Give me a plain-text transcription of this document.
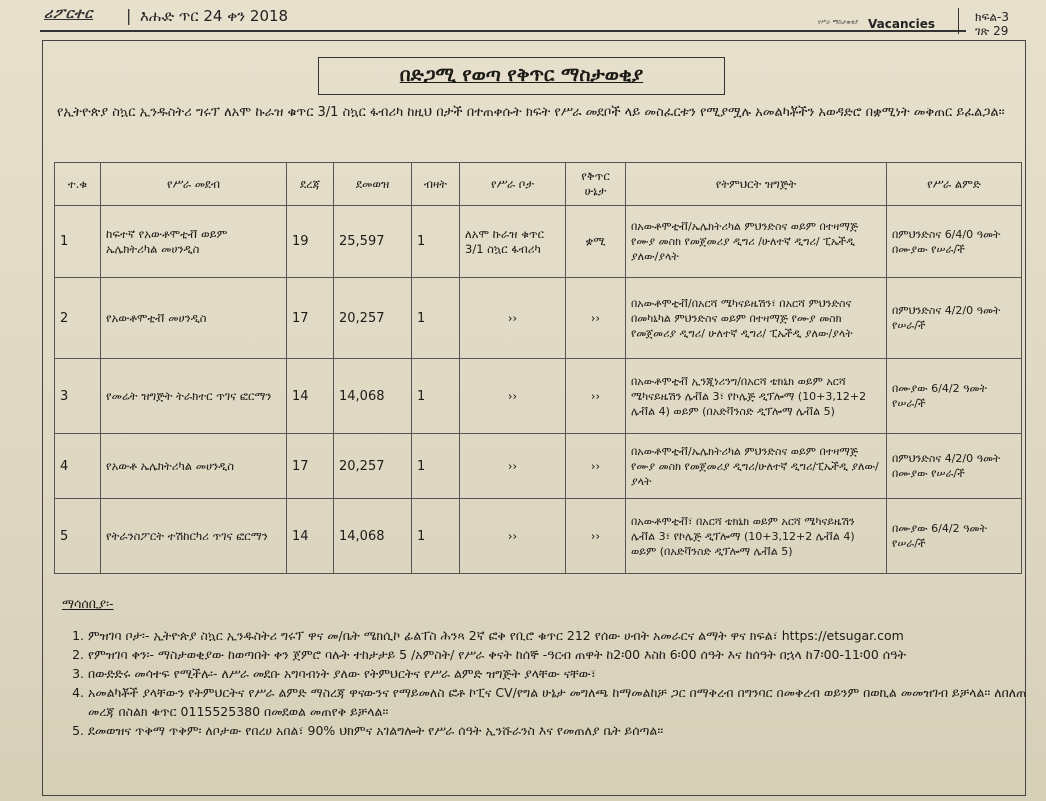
ሪፖርተር | እሑድ ጥር 24 ቀን 2018	የሥራ ማስታወቂያ Vacancies	ክፍል-3
ገጽ 29
በድጋሚ የወጣ የቅጥር ማስታወቂያ
የኢትዮጵያ ስኳር ኢንዱስትሪ ግሩፕ ለአሞ ኩራዝ ቁጥር 3/1 ስኳር ፋብሪካ ከዚህ በታች በተጠቀሱት ክፍት የሥራ መደቦች ላይ መስፈርቱን የሚያሟሉ አመልካቾችን አወዳድሮ በቋሚነት መቅጠር ይፈልጋል፡፡
ተ.ቁ	የሥራ መደብ	ደረጃ	ደመወዝ	ብዛት	የሥራ ቦታ	የቅጥር ሁኔታ	የትምህርት ዝግጅት	የሥራ ልምድ
1	ከፍተኛ የአውቶሞቲቭ ወይም ኤሌክትሪካል መሀንዲስ	19	25,597	1	ለአሞ ኩራዝ ቁጥር 3/1 ስኳር ፋብሪካ	ቋሚ	በአውቶሞቲቭ/ኤሌክትሪካል ምህንድስና ወይም በተዛማጅ የሙያ መስክ የመጀመሪያ ዲግሪ /ሁለተኛ ዲግሪ/ ፒኤችዲ ያለው/ያላት	በምህንድስና 6/4/0 ዓመት በሙያው የሠራ/ች
2	የአውቶሞቲቭ መሀንዲስ	17	20,257	1	››	››	በአውቶሞቲቭ/በአርሻ ሜካናይዜሽን፣ በአርሻ ምህንድስና በመካኒካል ምህንድስና ወይም በተዛማጅ የሙያ መስክ የመጀመሪያ ዲግሪ/ ሁለተኛ ዲግሪ/ ፒኤችዲ ያለው/ያላት	በምህንድስና 4/2/0 ዓመት የሠራ/ች
3	የመሬት ዝግጅት ትራክተር ጥገና ፎርማን	14	14,068	1	››	››	በአውቶሞቲቭ ኢንጂነሪንግ/በአርሻ ቴክኒክ ወይም አርሻ ሜካናይዜሽን ሌቭል 3፣ የኮሌጅ ዲፕሎማ (10+3,12+2 ሌቭል 4) ወይም (በአድቫንስድ ዲፕሎማ ሌቭል 5)	በሙያው 6/4/2 ዓመት የሠራ/ች
4	የአውቶ ኤሌክትሪካል መሀንዲስ	17	20,257	1	››	››	በአውቶሞቲቭ/ኤሌክትሪካል ምህንድስና ወይም በተዛማጅ የሙያ መስክ የመጀመሪያ ዲግሪ/ሁለተኛ ዲግሪ/ፒኤችዲ ያለው/ያላት	በምህንድስና 4/2/0 ዓመት በሙያው የሠራ/ች
5	የትራንስፖርት ተሽከርካሪ ጥገና ፎርማን	14	14,068	1	››	››	በአውቶሞቲቭ፣ በአርሻ ቴክኒክ ወይም አርሻ ሜካናይዜሽን ሌቭል 3፣ የኮሌጅ ዲፕሎማ (10+3,12+2 ሌቭል 4) ወይም (በአድቫንስድ ዲፕሎማ ሌቭል 5)	በሙያው 6/4/2 ዓመት የሠራ/ች
ማሳሰቢያ፡-
1. ምዝገባ ቦታ፡- ኢትዮጵያ ስኳር ኢንዱስትሪ ግሩፕ ዋና መ/ቤት ሜክሲኮ ፊልፐስ ሕንጻ 2ኛ ፎቅ የቢሮ ቁጥር 212 የሰው ሀብት አመራርና ልማት ዋና ክፍል፣ https://etsugar.com
2. የምዝገባ ቀን፡- ማስታወቂያው ከወጣበት ቀን ጀምሮ ባሉት ተከታታይ 5 /አምስት/ የሥራ ቀናት ከሰኞ -ዓርብ ጠዋት ከ2፡00 እስከ 6፡00 ሰዓት እና ከሰዓት በኋላ ከ7፡00-11፡00 ሰዓት
3. በውድድሩ መሳተፍ የሚችሉ፡- ለሥራ መደቡ አግባብነት ያለው የትምህርትና የሥራ ልምድ ዝግጅት ያላቸው ናቸው፣
4. አመልካቾች ያላቸውን የትምህርትና የሥራ ልምድ ማስረጃ ዋናውንና የማይመለስ ፎቶ ኮፒና CV/የግል ሁኔታ መግለጫ ከማመልከቻ ጋር በማቅረብ በግንባር በመቅረብ ወይንም በወኪል መመዝገብ ይቻላል፡፡ ለበለጠ መረጃ በስልክ ቁጥር 0115525380 በመደወል መጠየቅ ይቻላል፡፡
5. ደመወዝና ጥቅማ ጥቅም፡ ለቦታው የበረሀ አበል፣ 90% ህክምና አገልግሎት የሥራ ሰዓት ኢንሹራንስ እና የመጠለያ ቤት ይሰጣል፡፡
